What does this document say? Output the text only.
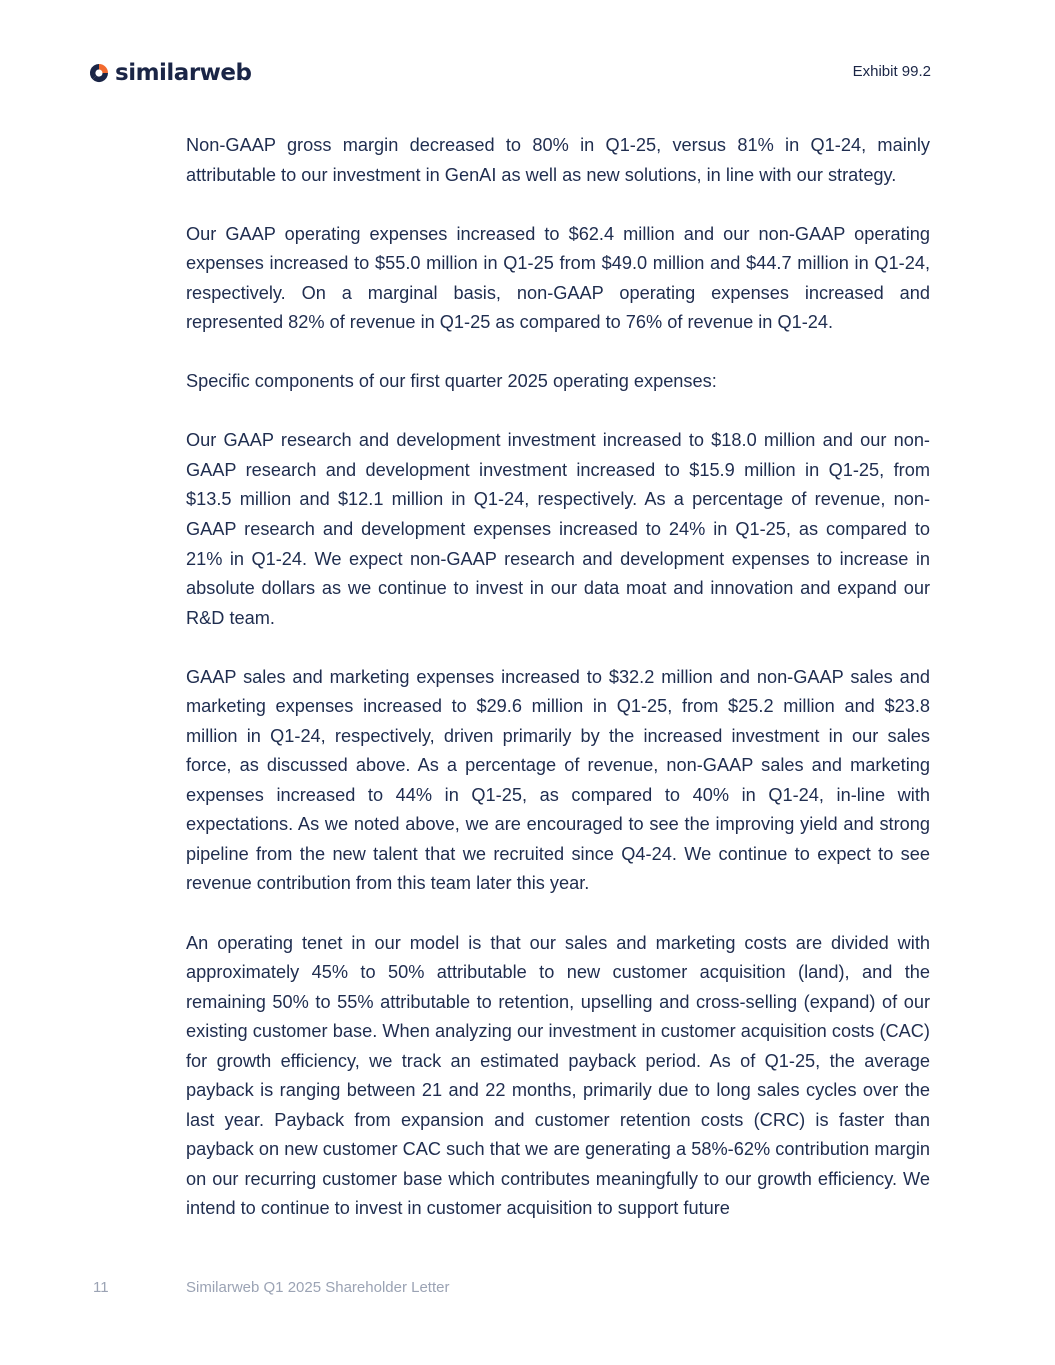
similarweb	Exhibit 99.2

Non-GAAP gross margin decreased to 80% in Q1-25, versus 81% in Q1-24, mainly attributable to our investment in GenAI as well as new solutions, in line with our strategy.

Our GAAP operating expenses increased to $62.4 million and our non-GAAP operating expenses increased to $55.0 million in Q1-25 from $49.0 million and $44.7 million in Q1-24, respectively. On a marginal basis, non-GAAP operating expenses increased and represented 82% of revenue in Q1-25 as compared to 76% of revenue in Q1-24.

Specific components of our first quarter 2025 operating expenses:

Our GAAP research and development investment increased to $18.0 million and our non-GAAP research and development investment increased to $15.9 million in Q1-25, from $13.5 million and $12.1 million in Q1-24, respectively. As a percentage of revenue, non-GAAP research and development expenses increased to 24% in Q1-25, as compared to 21% in Q1-24. We expect non-GAAP research and development expenses to increase in absolute dollars as we continue to invest in our data moat and innovation and expand our R&D team.

GAAP sales and marketing expenses increased to $32.2 million and non-GAAP sales and marketing expenses increased to $29.6 million in Q1-25, from $25.2 million and $23.8 million in Q1-24, respectively, driven primarily by the increased investment in our sales force, as discussed above. As a percentage of revenue, non-GAAP sales and marketing expenses increased to 44% in Q1-25, as compared to 40% in Q1-24, in-line with expectations. As we noted above, we are encouraged to see the improving yield and strong pipeline from the new talent that we recruited since Q4-24. We continue to expect to see revenue contribution from this team later this year.

An operating tenet in our model is that our sales and marketing costs are divided with approximately 45% to 50% attributable to new customer acquisition (land), and the remaining 50% to 55% attributable to retention, upselling and cross-selling (expand) of our existing customer base. When analyzing our investment in customer acquisition costs (CAC) for growth efficiency, we track an estimated payback period. As of Q1-25, the average payback is ranging between 21 and 22 months, primarily due to long sales cycles over the last year. Payback from expansion and customer retention costs (CRC) is faster than payback on new customer CAC such that we are generating a 58%-62% contribution margin on our recurring customer base which contributes meaningfully to our growth efficiency. We intend to continue to invest in customer acquisition to support future

11	Similarweb Q1 2025 Shareholder Letter
